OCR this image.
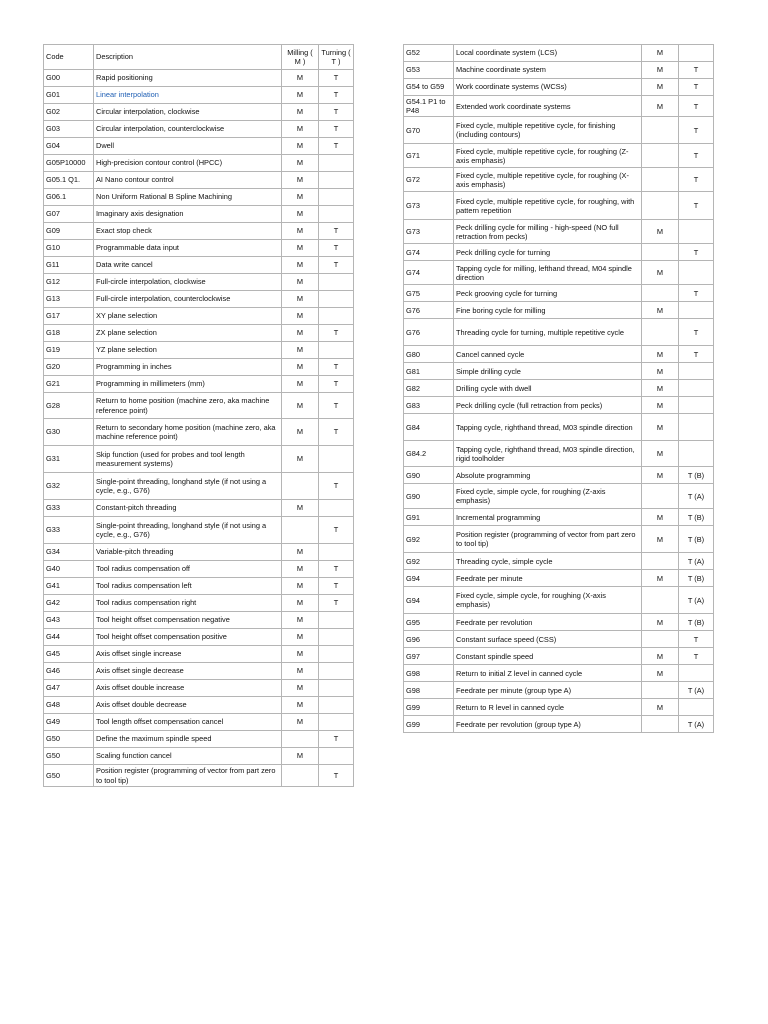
Code	Description	Milling ( M )	Turning ( T )
G00	Rapid positioning	M	T
G01	Linear interpolation	M	T
G02	Circular interpolation, clockwise	M	T
G03	Circular interpolation, counterclockwise	M	T
G04	Dwell	M	T
G05P10000	High-precision contour control (HPCC)	M	
G05.1 Q1.	AI Nano contour control	M	
G06.1	Non Uniform Rational B Spline Machining	M	
G07	Imaginary axis designation	M	
G09	Exact stop check	M	T
G10	Programmable data input	M	T
G11	Data write cancel	M	T
G12	Full-circle interpolation, clockwise	M	
G13	Full-circle interpolation, counterclockwise	M	
G17	XY plane selection	M	
G18	ZX plane selection	M	T
G19	YZ plane selection	M	
G20	Programming in inches	M	T
G21	Programming in millimeters (mm)	M	T
G28	Return to home position (machine zero, aka machine reference point)	M	T
G30	Return to secondary home position (machine zero, aka machine reference point)	M	T
G31	Skip function (used for probes and tool length measurement systems)	M	
G32	Single-point threading, longhand style (if not using a cycle, e.g., G76)		T
G33	Constant-pitch threading	M	
G33	Single-point threading, longhand style (if not using a cycle, e.g., G76)		T
G34	Variable-pitch threading	M	
G40	Tool radius compensation off	M	T
G41	Tool radius compensation left	M	T
G42	Tool radius compensation right	M	T
G43	Tool height offset compensation negative	M	
G44	Tool height offset compensation positive	M	
G45	Axis offset single increase	M	
G46	Axis offset single decrease	M	
G47	Axis offset double increase	M	
G48	Axis offset double decrease	M	
G49	Tool length offset compensation cancel	M	
G50	Define the maximum spindle speed		T
G50	Scaling function cancel	M	
G50	Position register (programming of vector from part zero to tool tip)		T
G52	Local coordinate system (LCS)	M	
G53	Machine coordinate system	M	T
G54 to G59	Work coordinate systems (WCSs)	M	T
G54.1 P1 to P48	Extended work coordinate systems	M	T
G70	Fixed cycle, multiple repetitive cycle, for finishing (including contours)		T
G71	Fixed cycle, multiple repetitive cycle, for roughing (Z-axis emphasis)		T
G72	Fixed cycle, multiple repetitive cycle, for roughing (X-axis emphasis)		T
G73	Fixed cycle, multiple repetitive cycle, for roughing, with pattern repetition		T
G73	Peck drilling cycle for milling - high-speed (NO full retraction from pecks)	M	
G74	Peck drilling cycle for turning		T
G74	Tapping cycle for milling, lefthand thread, M04 spindle direction	M	
G75	Peck grooving cycle for turning		T
G76	Fine boring cycle for milling	M	
G76	Threading cycle for turning, multiple repetitive cycle		T
G80	Cancel canned cycle	M	T
G81	Simple drilling cycle	M	
G82	Drilling cycle with dwell	M	
G83	Peck drilling cycle (full retraction from pecks)	M	
G84	Tapping cycle, righthand thread, M03 spindle direction	M	
G84.2	Tapping cycle, righthand thread, M03 spindle direction, rigid toolholder	M	
G90	Absolute programming	M	T (B)
G90	Fixed cycle, simple cycle, for roughing (Z-axis emphasis)		T (A)
G91	Incremental programming	M	T (B)
G92	Position register (programming of vector from part zero to tool tip)	M	T (B)
G92	Threading cycle, simple cycle		T (A)
G94	Feedrate per minute	M	T (B)
G94	Fixed cycle, simple cycle, for roughing (X-axis emphasis)		T (A)
G95	Feedrate per revolution	M	T (B)
G96	Constant surface speed (CSS)		T
G97	Constant spindle speed	M	T
G98	Return to initial Z level in canned cycle	M	
G98	Feedrate per minute (group type A)		T (A)
G99	Return to R level in canned cycle	M	
G99	Feedrate per revolution (group type A)		T (A)
